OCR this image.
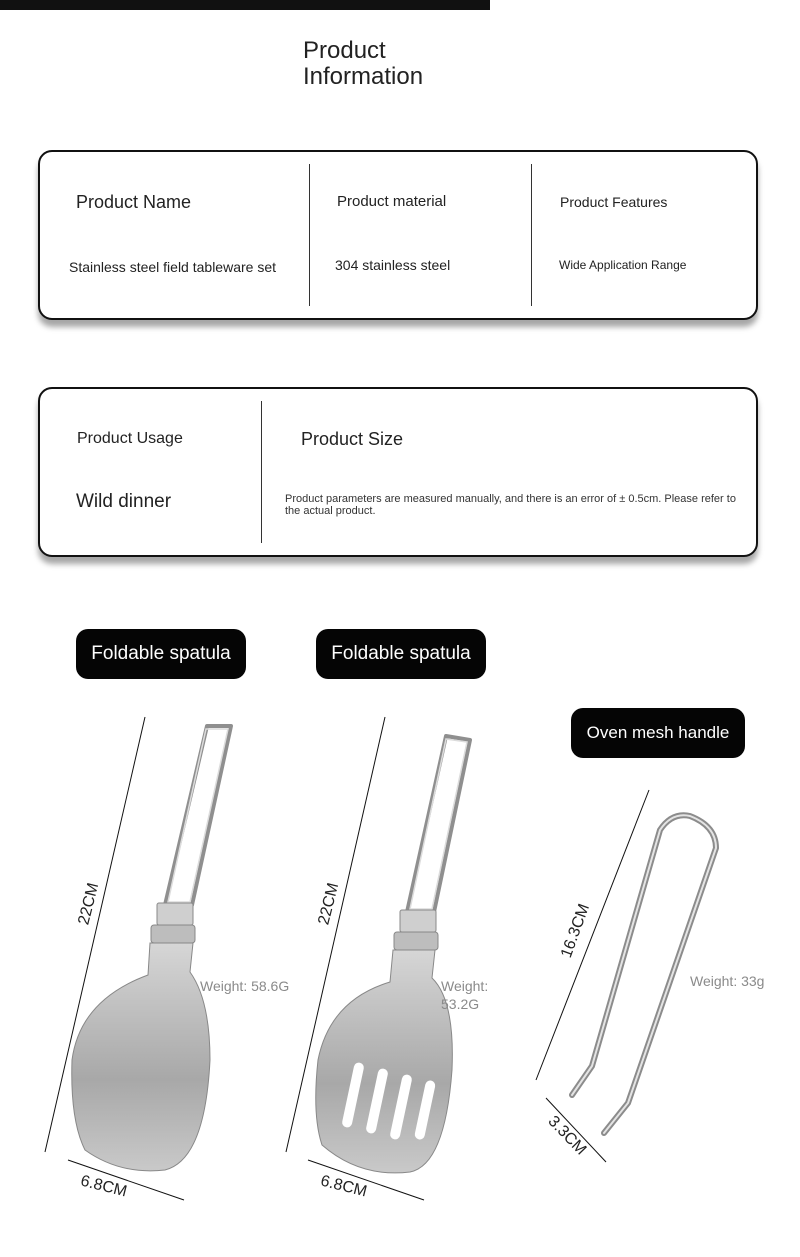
Product
Information
Product Name
Stainless steel field tableware set
Product material
304 stainless steel
Product Features
Wide Application Range
Product Usage
Wild dinner
Product Size
Product parameters are measured manually, and there is an error of ± 0.5cm. Please refer to the actual product.
Foldable spatula	Foldable spatula
Oven mesh handle
22CM
6.8CM
Weight: 58.6G
22CM
6.8CM
Weight: 53.2G
16.3CM
3.3CM
Weight: 33g
